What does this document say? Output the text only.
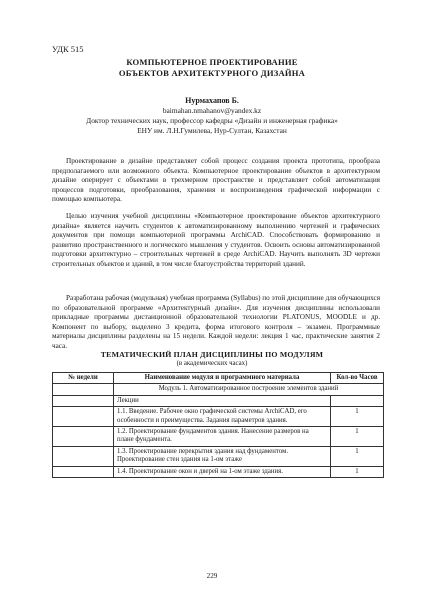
УДК 515
КОМПЬЮТЕРНОЕ ПРОЕКТИРОВАНИЕ
ОБЪЕКТОВ АРХИТЕКТУРНОГО ДИЗАЙНА
Нурмахапов Б.
baimahan.nmahanov@yandex.kz
Доктор технических наук, профессор кафедры «Дизайн и инженерная графика»
ЕНУ им. Л.Н.Гумилева, Нур-Султан, Казахстан

Проектирование в дизайне представляет собой процесс создания проекта прототипа, прообраза предполагаемого или возможного объекта. Компьютерное проектирование объектов в архитектурном дизайне оперирует с объектами в трехмерном пространстве и представляет собой автоматизация процессов подготовки, преобразования, хранения и воспроизведения графической информации с помощью компьютера.

Целью изучения учебной дисциплины «Компьютерное проектирование объектов архитектурного дизайна» является научить студентов к автоматизированному выполнению чертежей и графических документов при помощи компьютерной программы ArchiCAD. Способствовать формированию и развитию пространственного и логического мышления у студентов. Освоить основы автоматизированной подготовки архитектурно – строительных чертежей в среде ArchiCAD. Научить выполнять 3D чертежи строительных объектов и зданий, в том числе благоустройства территорий зданий.

Разработана рабочая (модульная) учебная программа (Syllabus) по этой дисциплине для обучающихся по образовательной программе «Архитектурный дизайн». Для изучения дисциплины использовали прикладные программы дистанционной образовательной технологии PLATONUS, MOODLE и др. Компонент по выбору, выделено 3 кредита, форма итогового контроля – экзамен. Программные материалы дисциплины разделены на 15 недели. Каждой недели: лекция 1 час, практические занятия 2 часа.

ТЕМАТИЧЕСКИЙ ПЛАН ДИСЦИПЛИНЫ ПО МОДУЛЯМ
(в академических часах)
№ недели	Наименование модуля и программного материала	Кол-во Часов
	Модуль 1. Автоматизированное построение элементов зданий	
	Лекции	
	1.1. Введение. Рабочее окно графической системы ArchiCAD, его особенности и преимущества. Задания параметров здания.	1
	1.2. Проектирование фундаментов здания. Нанесение размеров на плане фундамента.	1
	1.3. Проектирование перекрытия здания над фундаментом. Проектирование стен здания на 1-ом этаже	1
	1.4. Проектирование окон и дверей на 1-ом этаже здания.	1
229
